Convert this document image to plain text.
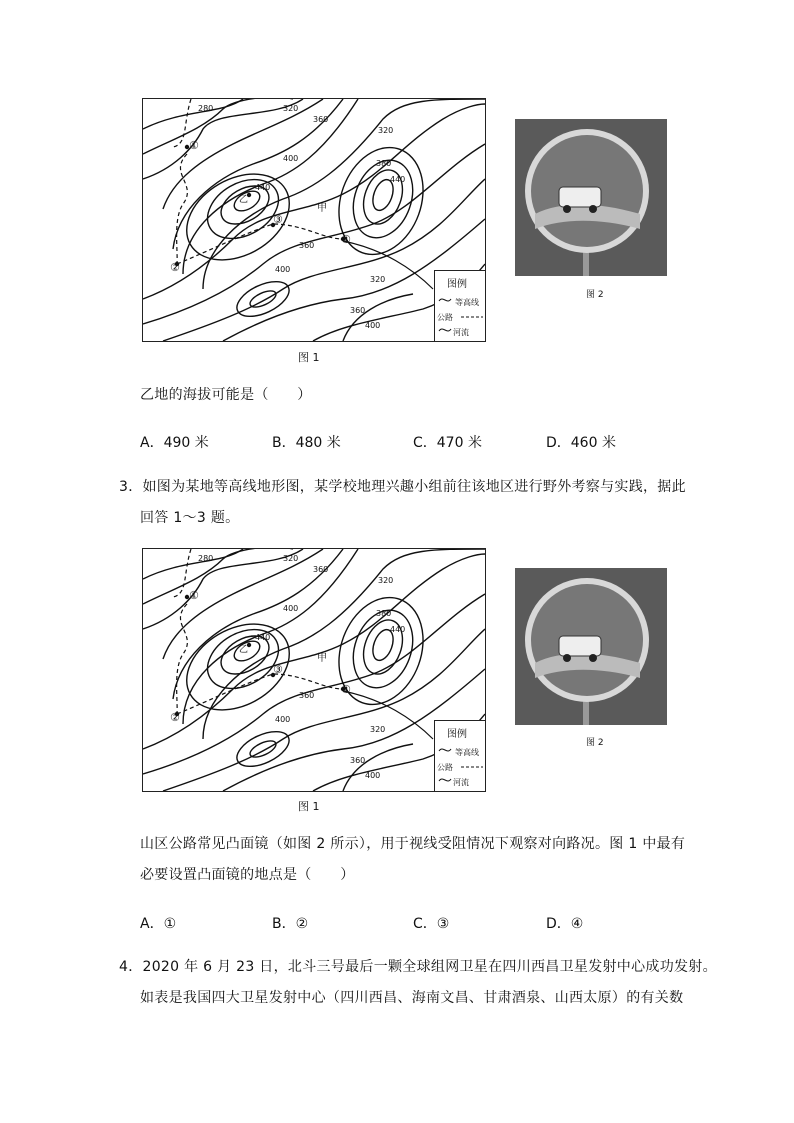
280	320
360
320
400
380
440
440
360
400
320
360
400
①
②
③
④
甲
乙
图例
等高线
公路
河流
图 1
图 2
乙地的海拔可能是（　　）
A．490 米	B．480 米	C．470 米	D．460 米
3．如图为某地等高线地形图，某学校地理兴趣小组前往该地区进行野外考察与实践，据此
回答 1～3 题。
280	320
360
320
400
380
440
440
360
400
320
360
400
①
②
③
④
甲
乙
图例
等高线
公路
河流
图 1
图 2
山区公路常见凸面镜（如图 2 所示），用于视线受阻情况下观察对向路况。图 1 中最有
必要设置凸面镜的地点是（　　）
A．①	B．②	C．③	D．④
4．2020 年 6 月 23 日，北斗三号最后一颗全球组网卫星在四川西昌卫星发射中心成功发射。
如表是我国四大卫星发射中心（四川西昌、海南文昌、甘肃酒泉、山西太原）的有关数
